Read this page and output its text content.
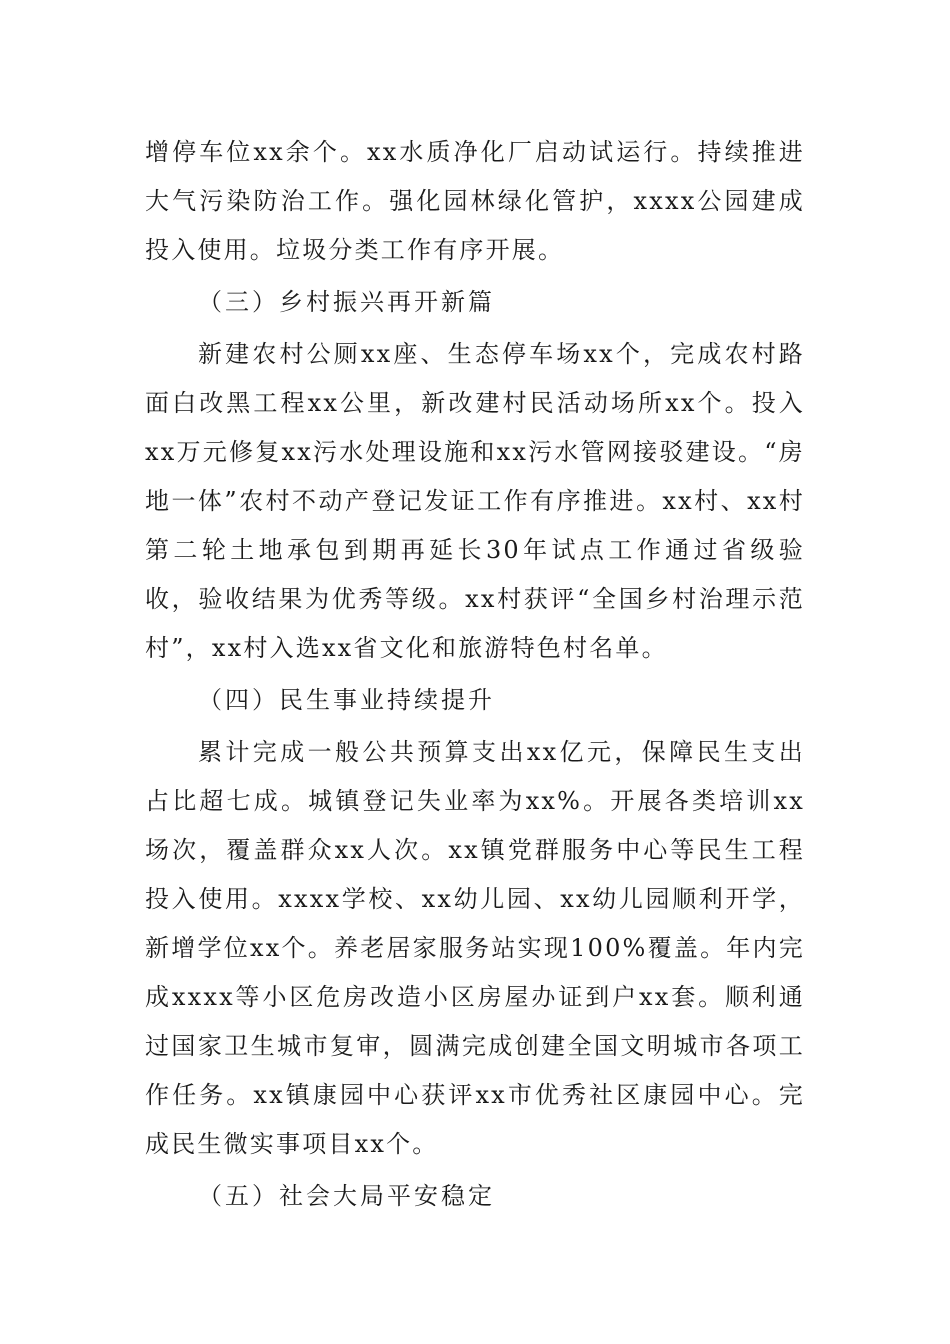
增停车位xx余个。xx水质净化厂启动试运行。持续推进大气污染防治工作。强化园林绿化管护，xxxx公园建成投入使用。垃圾分类工作有序开展。

（三）乡村振兴再开新篇

新建农村公厕xx座、生态停车场xx个，完成农村路面白改黑工程xx公里，新改建村民活动场所xx个。投入xx万元修复xx污水处理设施和xx污水管网接驳建设。“房地一体”农村不动产登记发证工作有序推进。xx村、xx村第二轮土地承包到期再延长30年试点工作通过省级验收，验收结果为优秀等级。xx村获评“全国乡村治理示范村”，xx村入选xx省文化和旅游特色村名单。

（四）民生事业持续提升

累计完成一般公共预算支出xx亿元，保障民生支出占比超七成。城镇登记失业率为xx%。开展各类培训xx场次，覆盖群众xx人次。xx镇党群服务中心等民生工程投入使用。xxxx学校、xx幼儿园、xx幼儿园顺利开学，新增学位xx个。养老居家服务站实现100%覆盖。年内完成xxxx等小区危房改造小区房屋办证到户xx套。顺利通过国家卫生城市复审，圆满完成创建全国文明城市各项工作任务。xx镇康园中心获评xx市优秀社区康园中心。完成民生微实事项目xx个。

（五）社会大局平安稳定
